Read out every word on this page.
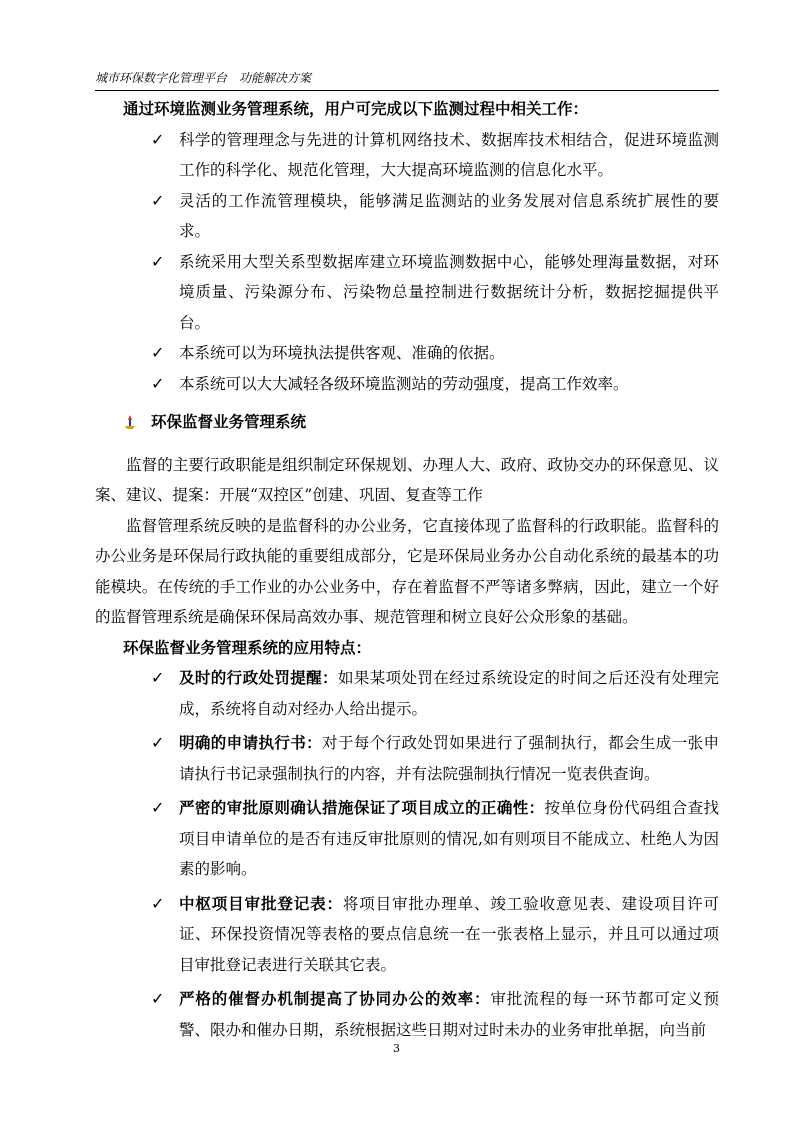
城市环保数字化管理平台　功能解决方案

通过环境监测业务管理系统，用户可完成以下监测过程中相关工作：

✓ 科学的管理理念与先进的计算机网络技术、数据库技术相结合，促进环境监测工作的科学化、规范化管理，大大提高环境监测的信息化水平。
✓ 灵活的工作流管理模块，能够满足监测站的业务发展对信息系统扩展性的要求。
✓ 系统采用大型关系型数据库建立环境监测数据中心，能够处理海量数据，对环境质量、污染源分布、污染物总量控制进行数据统计分析，数据挖掘提供平台。
✓ 本系统可以为环境执法提供客观、准确的依据。
✓ 本系统可以大大减轻各级环境监测站的劳动强度，提高工作效率。
环保监督业务管理系统

监督的主要行政职能是组织制定环保规划、办理人大、政府、政协交办的环保意见、议案、建议、提案：开展“双控区”创建、巩固、复查等工作

监督管理系统反映的是监督科的办公业务，它直接体现了监督科的行政职能。监督科的办公业务是环保局行政执能的重要组成部分，它是环保局业务办公自动化系统的最基本的功能模块。在传统的手工作业的办公业务中，存在着监督不严等诸多弊病，因此，建立一个好的监督管理系统是确保环保局高效办事、规范管理和树立良好公众形象的基础。

环保监督业务管理系统的应用特点：

✓ 及时的行政处罚提醒：如果某项处罚在经过系统设定的时间之后还没有处理完成，系统将自动对经办人给出提示。
✓ 明确的申请执行书：对于每个行政处罚如果进行了强制执行，都会生成一张申请执行书记录强制执行的内容，并有法院强制执行情况一览表供查询。
✓ 严密的审批原则确认措施保证了项目成立的正确性：按单位身份代码组合查找项目申请单位的是否有违反审批原则的情况,如有则项目不能成立、杜绝人为因素的影响。
✓ 中枢项目审批登记表：将项目审批办理单、竣工验收意见表、建设项目许可证、环保投资情况等表格的要点信息统一在一张表格上显示，并且可以通过项目审批登记表进行关联其它表。
✓ 严格的催督办机制提高了协同办公的效率：审批流程的每一环节都可定义预警、限办和催办日期，系统根据这些日期对过时未办的业务审批单据，向当前
3
